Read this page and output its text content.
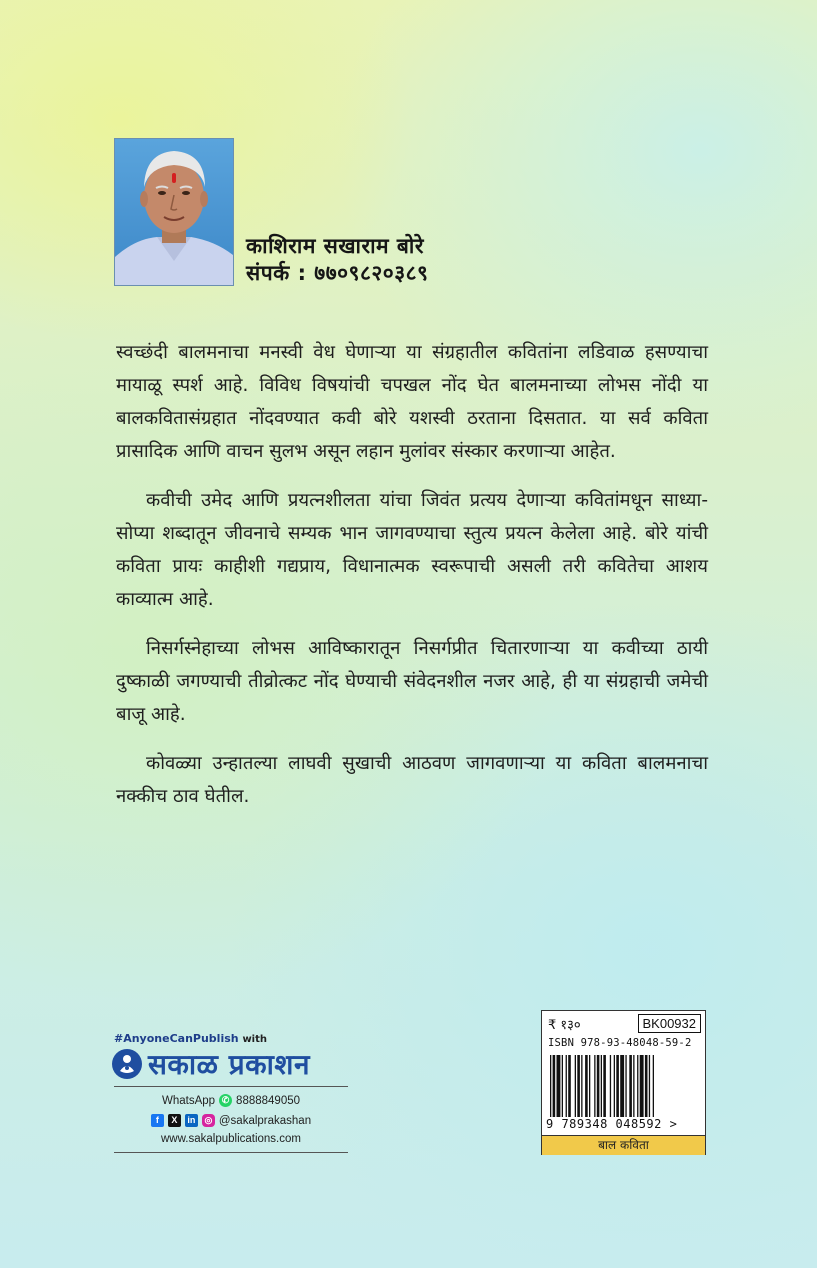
काशिराम सखाराम बोरे
संपर्क : ७७०९८२०३८९

स्वच्छंदी बालमनाचा मनस्वी वेध घेणाऱ्या या संग्रहातील कवितांना लडिवाळ हसण्याचा मायाळू स्पर्श आहे. विविध विषयांची चपखल नोंद घेत बालमनाच्या लोभस नोंदी या बालकवितासंग्रहात नोंदवण्यात कवी बोरे यशस्वी ठरताना दिसतात. या सर्व कविता प्रासादिक आणि वाचन सुलभ असून लहान मुलांवर संस्कार करणाऱ्या आहेत.

कवीची उमेद आणि प्रयत्नशीलता यांचा जिवंत प्रत्यय देणाऱ्या कवितांमधून साध्या-सोप्या शब्दातून जीवनाचे सम्यक भान जागवण्याचा स्तुत्य प्रयत्न केलेला आहे. बोरे यांची कविता प्रायः काहीशी गद्यप्राय, विधानात्मक स्वरूपाची असली तरी कवितेचा आशय काव्यात्म आहे.

निसर्गस्नेहाच्या लोभस आविष्कारातून निसर्गप्रीत चितारणाऱ्या या कवीच्या ठायी दुष्काळी जगण्याची तीव्रोत्कट नोंद घेण्याची संवेदनशील नजर आहे, ही या संग्रहाची जमेची बाजू आहे.

कोवळ्या उन्हातल्या लाघवी सुखाची आठवण जागवणाऱ्या या कविता बालमनाचा नक्कीच ठाव घेतील.

#AnyoneCanPublish with
सकाळ प्रकाशन
WhatsApp ✆ 8888849050
f	X	in ◎ @sakalprakashan
www.sakalpublications.com
₹ १३०	BK00932
ISBN 978-93-48048-59-2
9 789348 048592 >
बाल कविता
